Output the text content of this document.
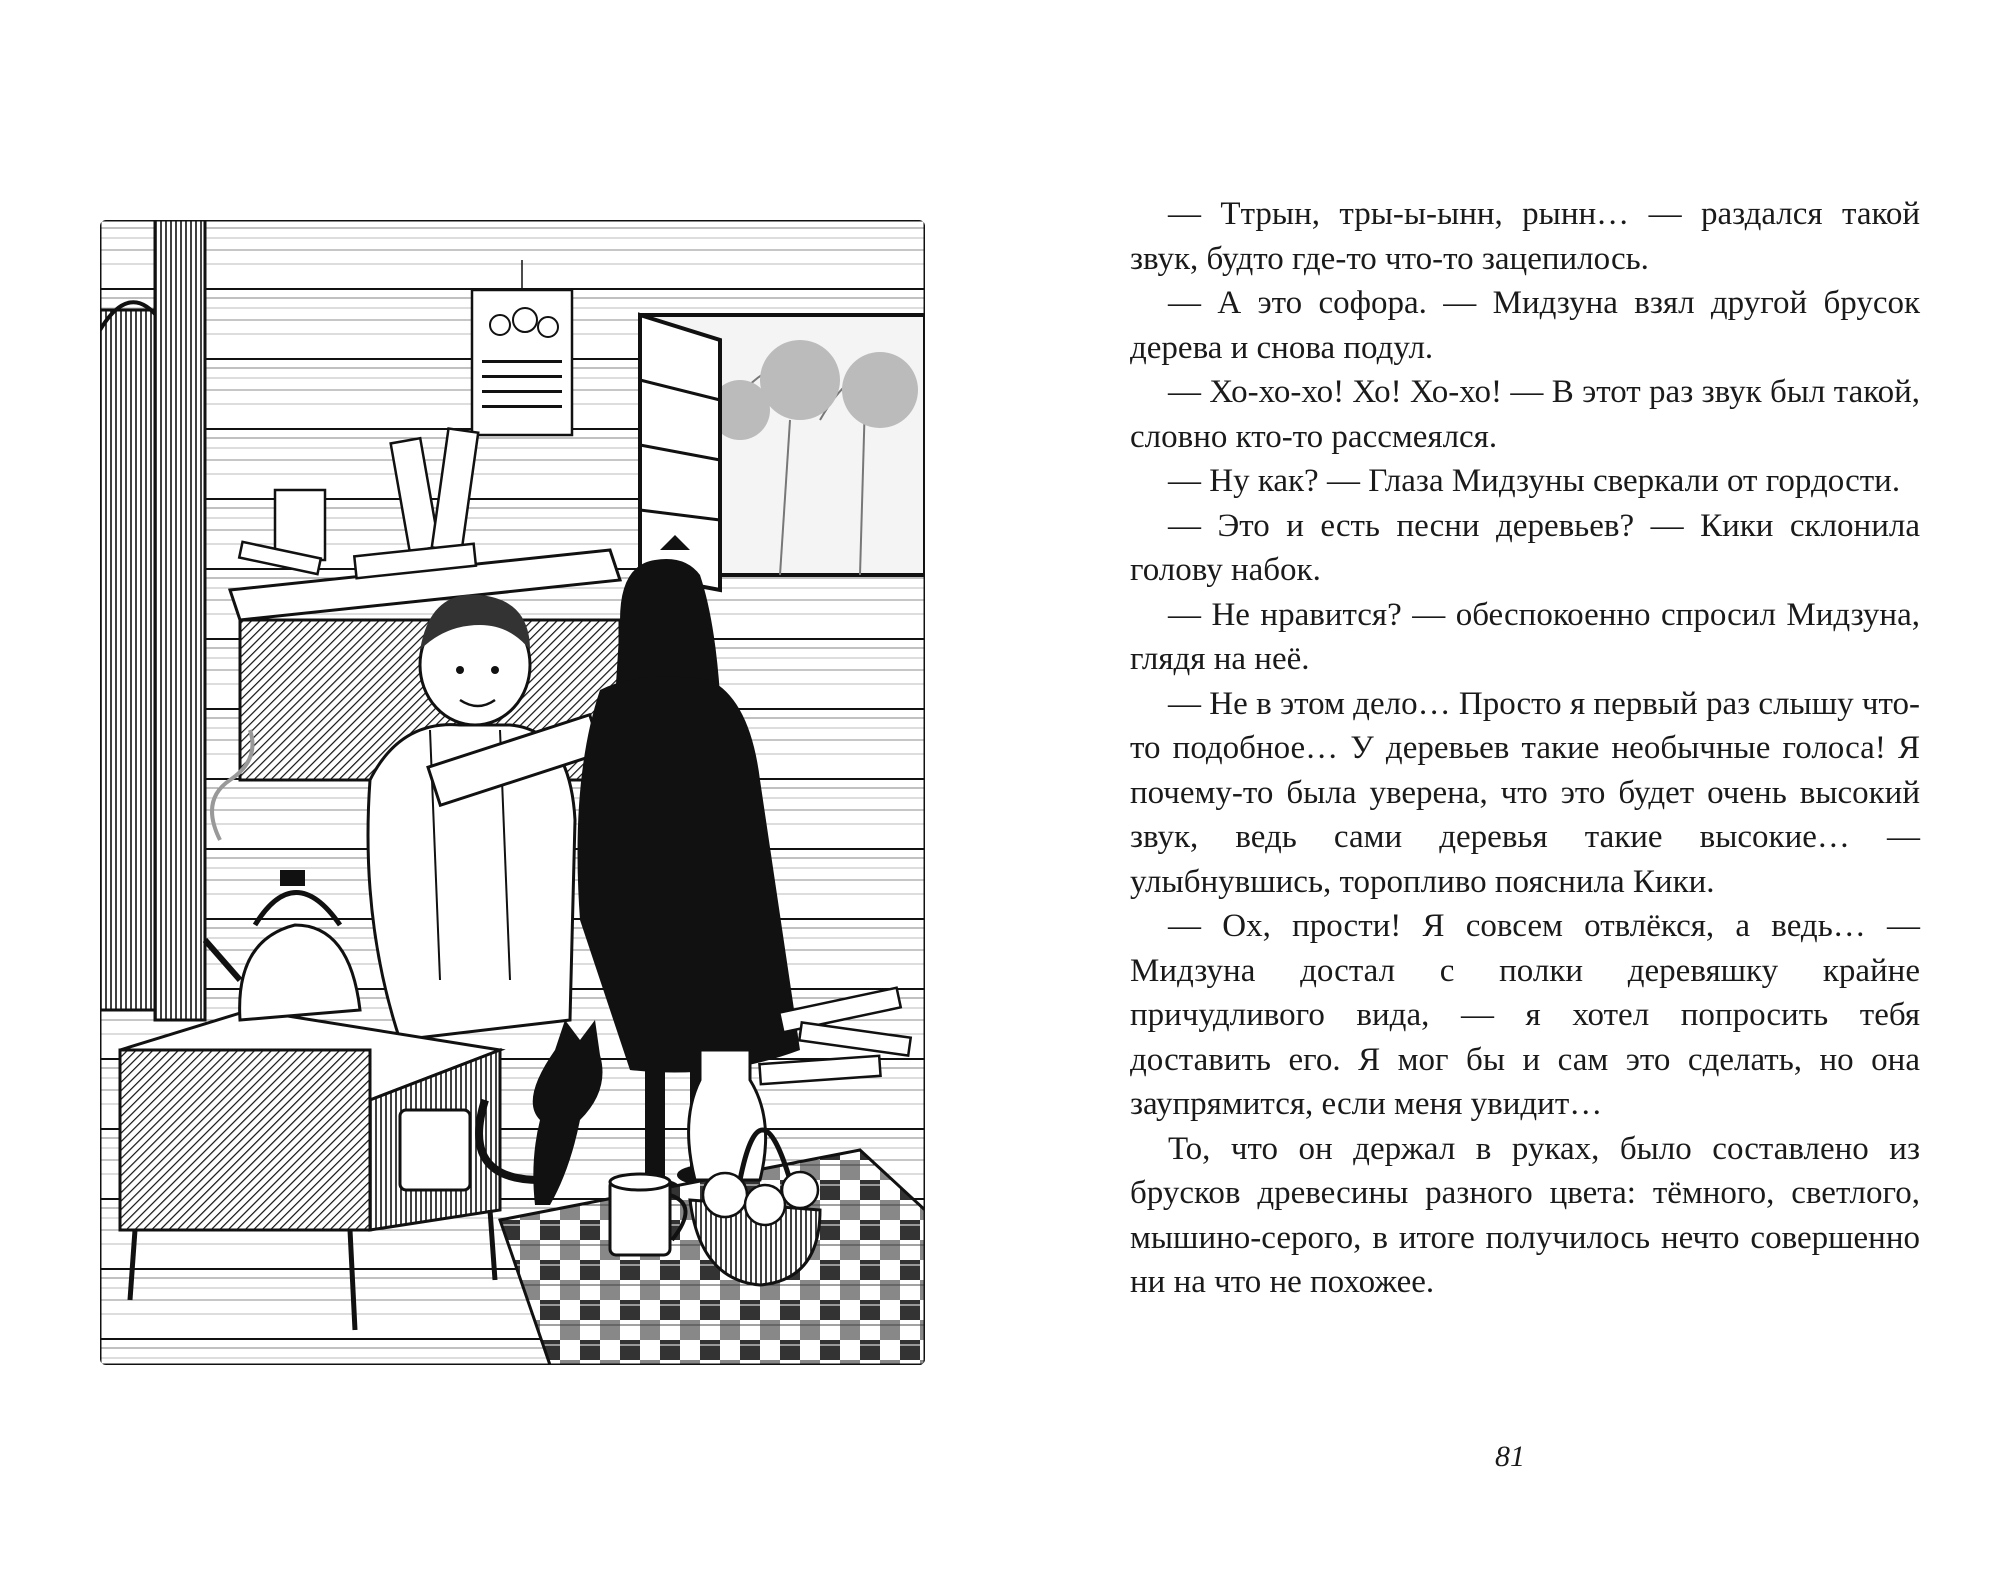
— Ттрын, тры-ы-ынн, рынн… — раздался такой звук, будто где-то что-то зацепилось.

— А это софора. — Мидзуна взял другой брусок дерева и снова подул.

— Хо-хо-хо! Хо! Хо-хо! — В этот раз звук был такой, словно кто-то рассмеялся.

— Ну как? — Глаза Мидзуны сверкали от гордости.

— Это и есть песни деревьев? — Кики склонила голову набок.

— Не нравится? — обеспокоенно спросил Мидзуна, глядя на неё.

— Не в этом дело… Просто я первый раз слышу что-то подобное… У деревьев такие необычные голоса! Я почему-то была уверена, что это будет очень высокий звук, ведь сами деревья такие высокие… — улыбнувшись, торопливо пояснила Кики.

— Ох, прости! Я совсем отвлёкся, а ведь… — Мидзуна достал с полки деревяшку крайне причудливого вида, — я хотел попросить тебя доставить его. Я мог бы и сам это сделать, но она заупрямится, если меня увидит…

То, что он держал в руках, было составлено из брусков древесины разного цвета: тёмного, светлого, мышино-серого, в итоге получилось нечто совершенно ни на что не похожее.

81
